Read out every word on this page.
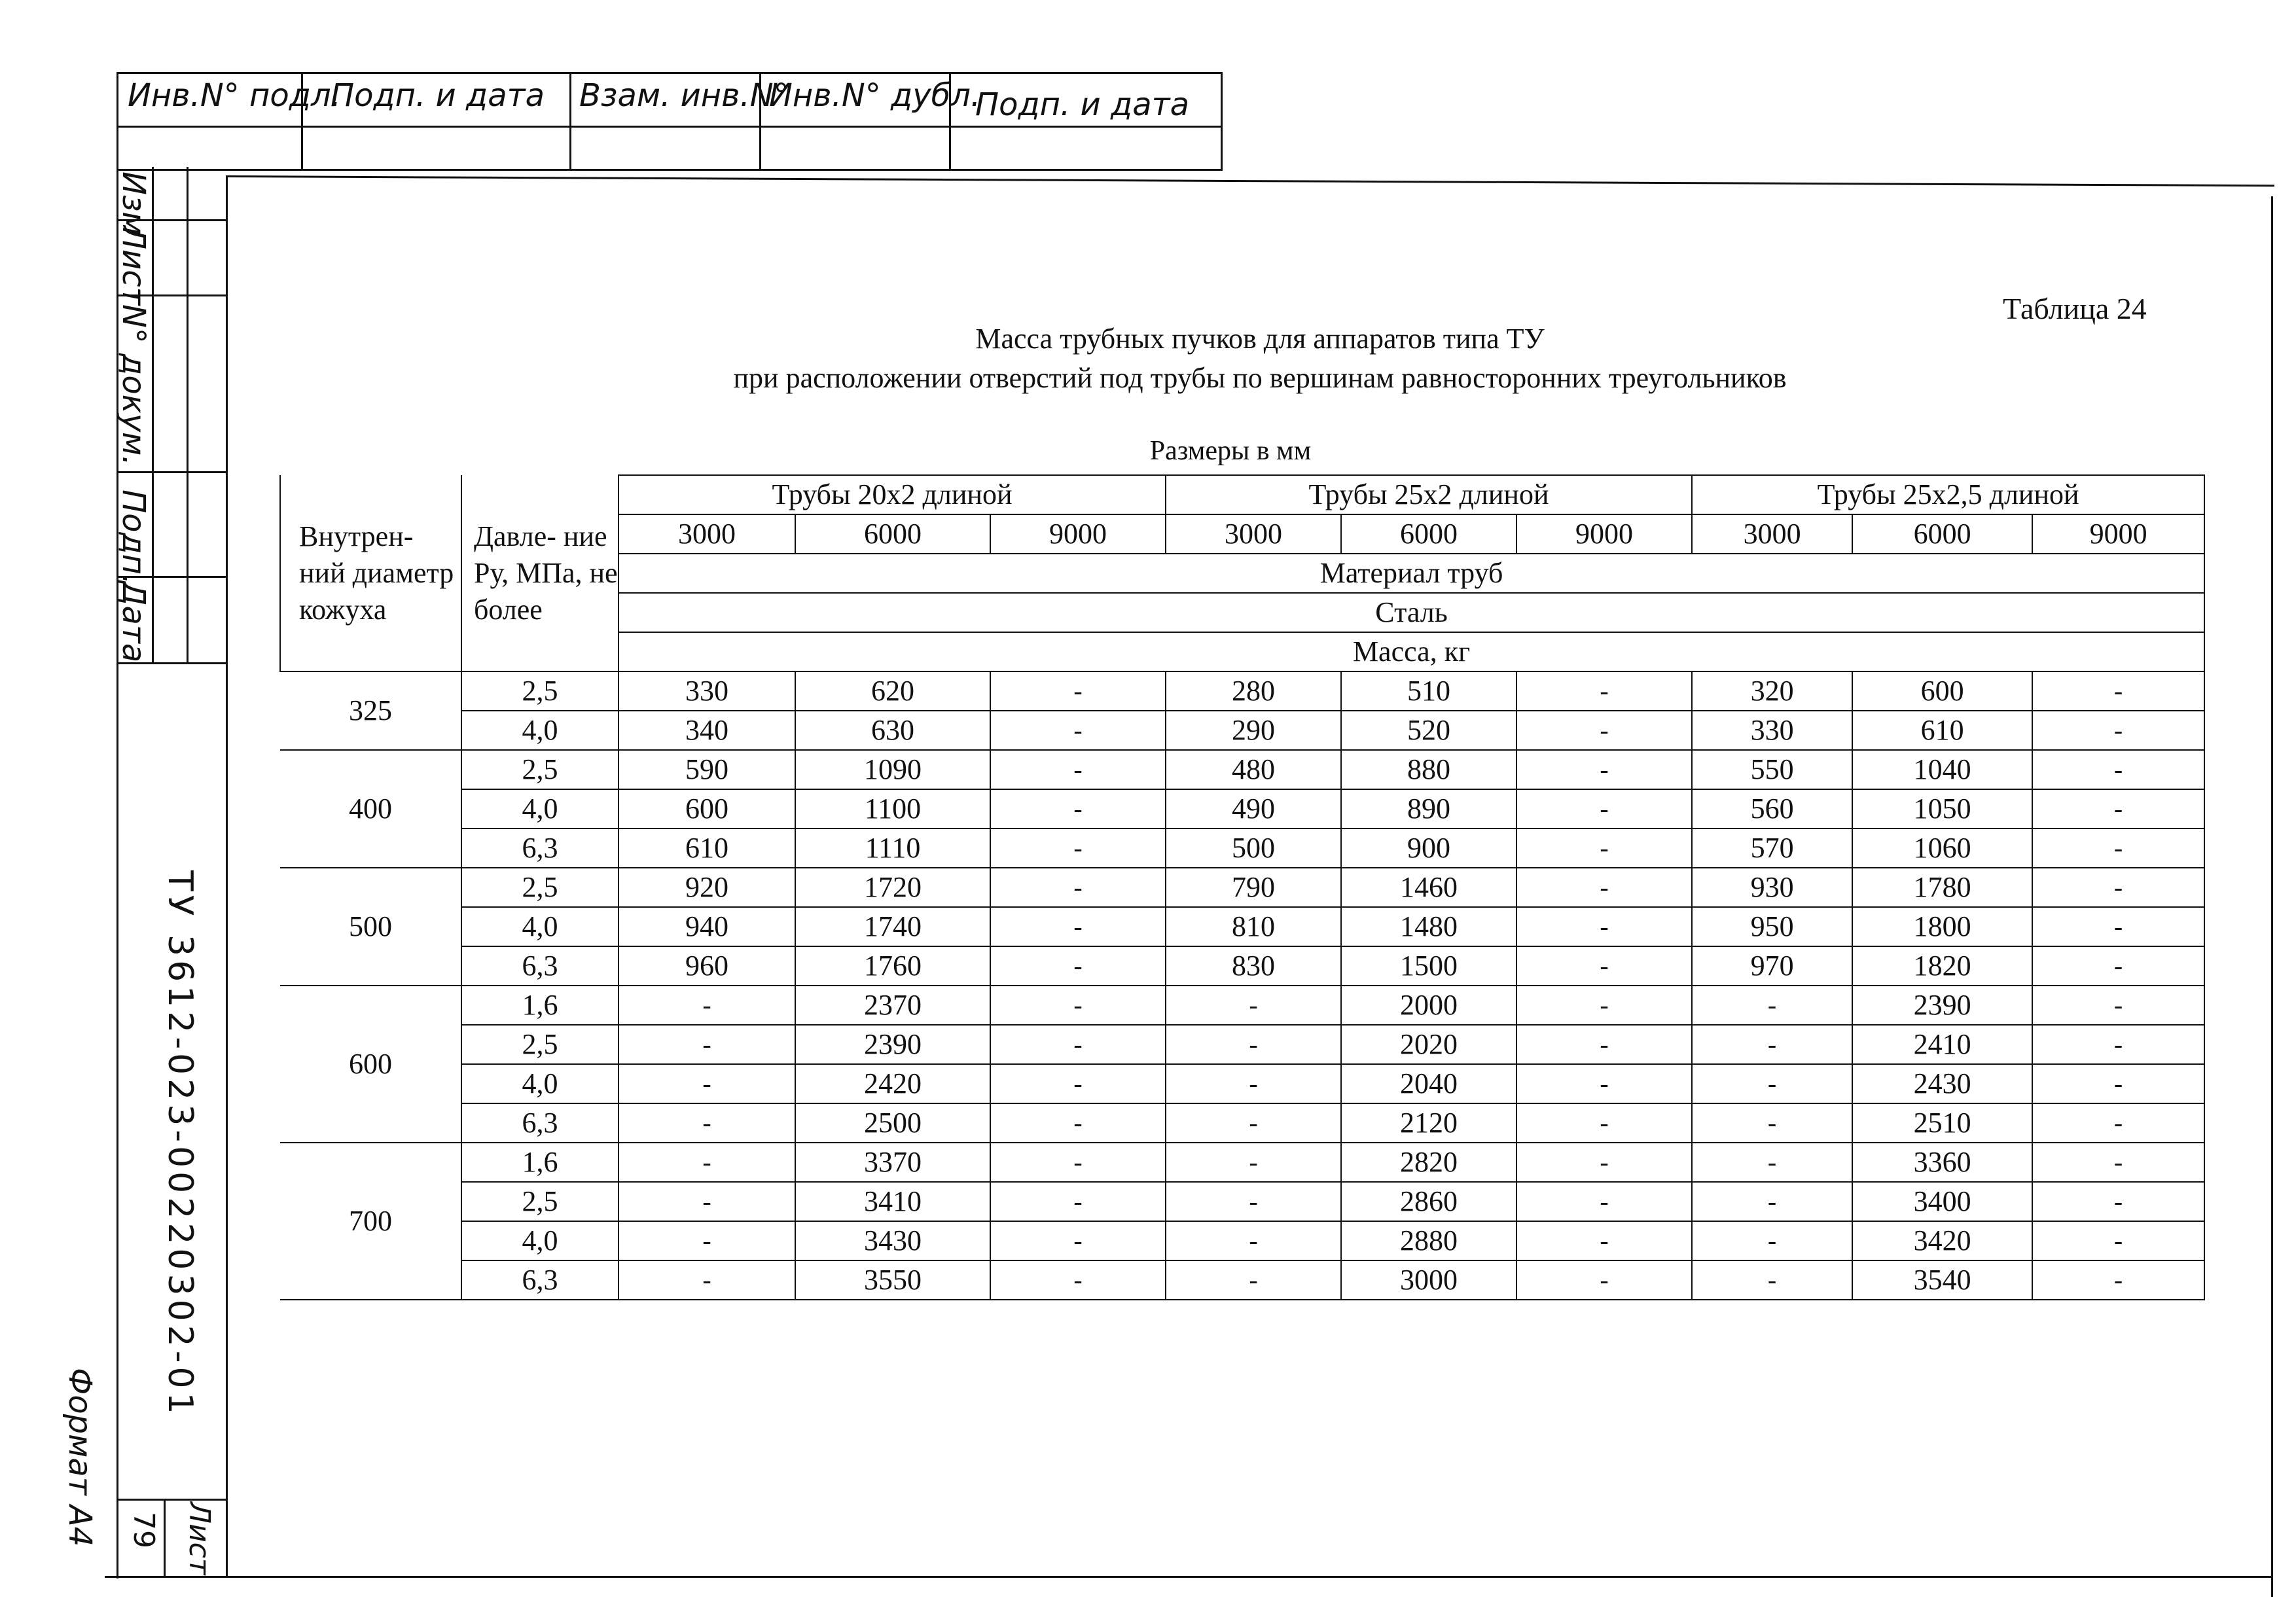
Инв.N° подл.
Подп. и дата Взам. инв.N°
Инв.N° дубл.
Подп. и дата
Изм
Лист
N° докум.
Подп.
Дата
ТУ 3612-023-00220302-01
Лист
79
Формат А4
Таблица 24
Масса трубных пучков для аппаратов типа ТУ
при расположении отверстий под трубы по вершинам равносторонних треугольников
Размеры в мм
Внутрен- ний диаметр кожуха	Давле- ние Ру, МПа, не более	Трубы 20х2 длиной			Трубы 25х2 длиной			Трубы 25х2,5 длиной		
		3000	6000	9000	3000	6000	9000	3000	6000	9000
		Материал труб								
		Сталь								
		Масса, кг								
325	2,5	330	620	-	280	510	-	320	600	-
	4,0	340	630	-	290	520	-	330	610	-
400	2,5	590	1090	-	480	880	-	550	1040	-
	4,0	600	1100	-	490	890	-	560	1050	-
	6,3	610	1110	-	500	900	-	570	1060	-
500	2,5	920	1720	-	790	1460	-	930	1780	-
	4,0	940	1740	-	810	1480	-	950	1800	-
	6,3	960	1760	-	830	1500	-	970	1820	-
600	1,6	-	2370	-	-	2000	-	-	2390	-
	2,5	-	2390	-	-	2020	-	-	2410	-
	4,0	-	2420	-	-	2040	-	-	2430	-
	6,3	-	2500	-	-	2120	-	-	2510	-
700	1,6	-	3370	-	-	2820	-	-	3360	-
	2,5	-	3410	-	-	2860	-	-	3400	-
	4,0	-	3430	-	-	2880	-	-	3420	-
	6,3	-	3550	-	-	3000	-	-	3540	-
